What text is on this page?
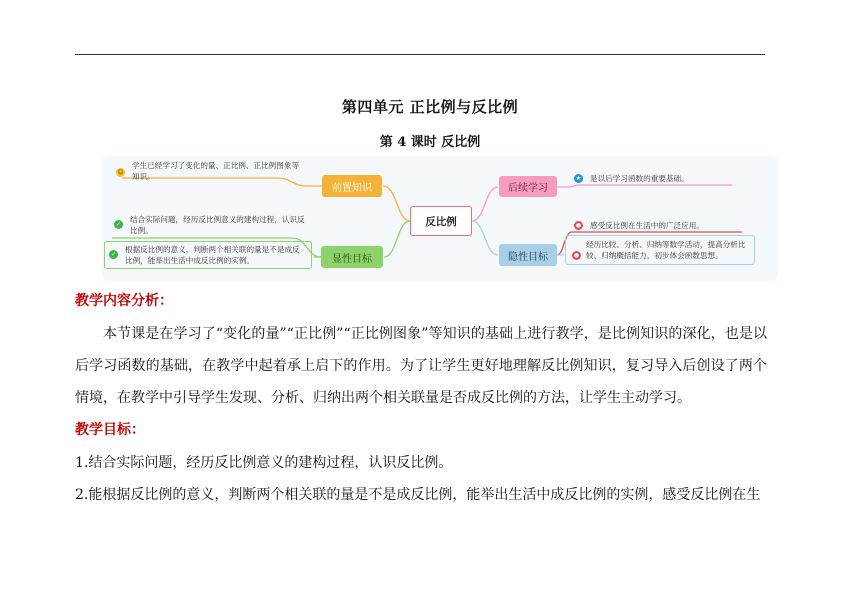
第四单元 正比例与反比例
第 4 课时 反比例
反比例
前置知识
显性目标
后续学习
隐性目标
☺
学生已经学习了变化的量、正比例、正比例图象等知识。
✓
结合实际问题，经历反比例意义的建构过程，认识反比例。
✓
根据反比例的意义，判断两个相关联的量是不是成反比例，能举出生活中成反比例的实例。
★ 是以后学习函数的重要基础。
● 感受反比例在生活中的广泛应用。
●
经历比较、分析、归纳等数学活动，提高分析比较、归纳概括能力，初步体会函数思想。
教学内容分析：
本节课是在学习了“变化的量”“正比例”“正比例图象”等知识的基础上进行教学，是比例知识的深化，也是以后学习函数的基础，在教学中起着承上启下的作用。为了让学生更好地理解反比例知识，复习导入后创设了两个情境，在教学中引导学生发现、分析、归纳出两个相关联量是否成反比例的方法，让学生主动学习。
教学目标：
1.结合实际问题，经历反比例意义的建构过程，认识反比例。
2.能根据反比例的意义，判断两个相关联的量是不是成反比例，能举出生活中成反比例的实例，感受反比例在生
